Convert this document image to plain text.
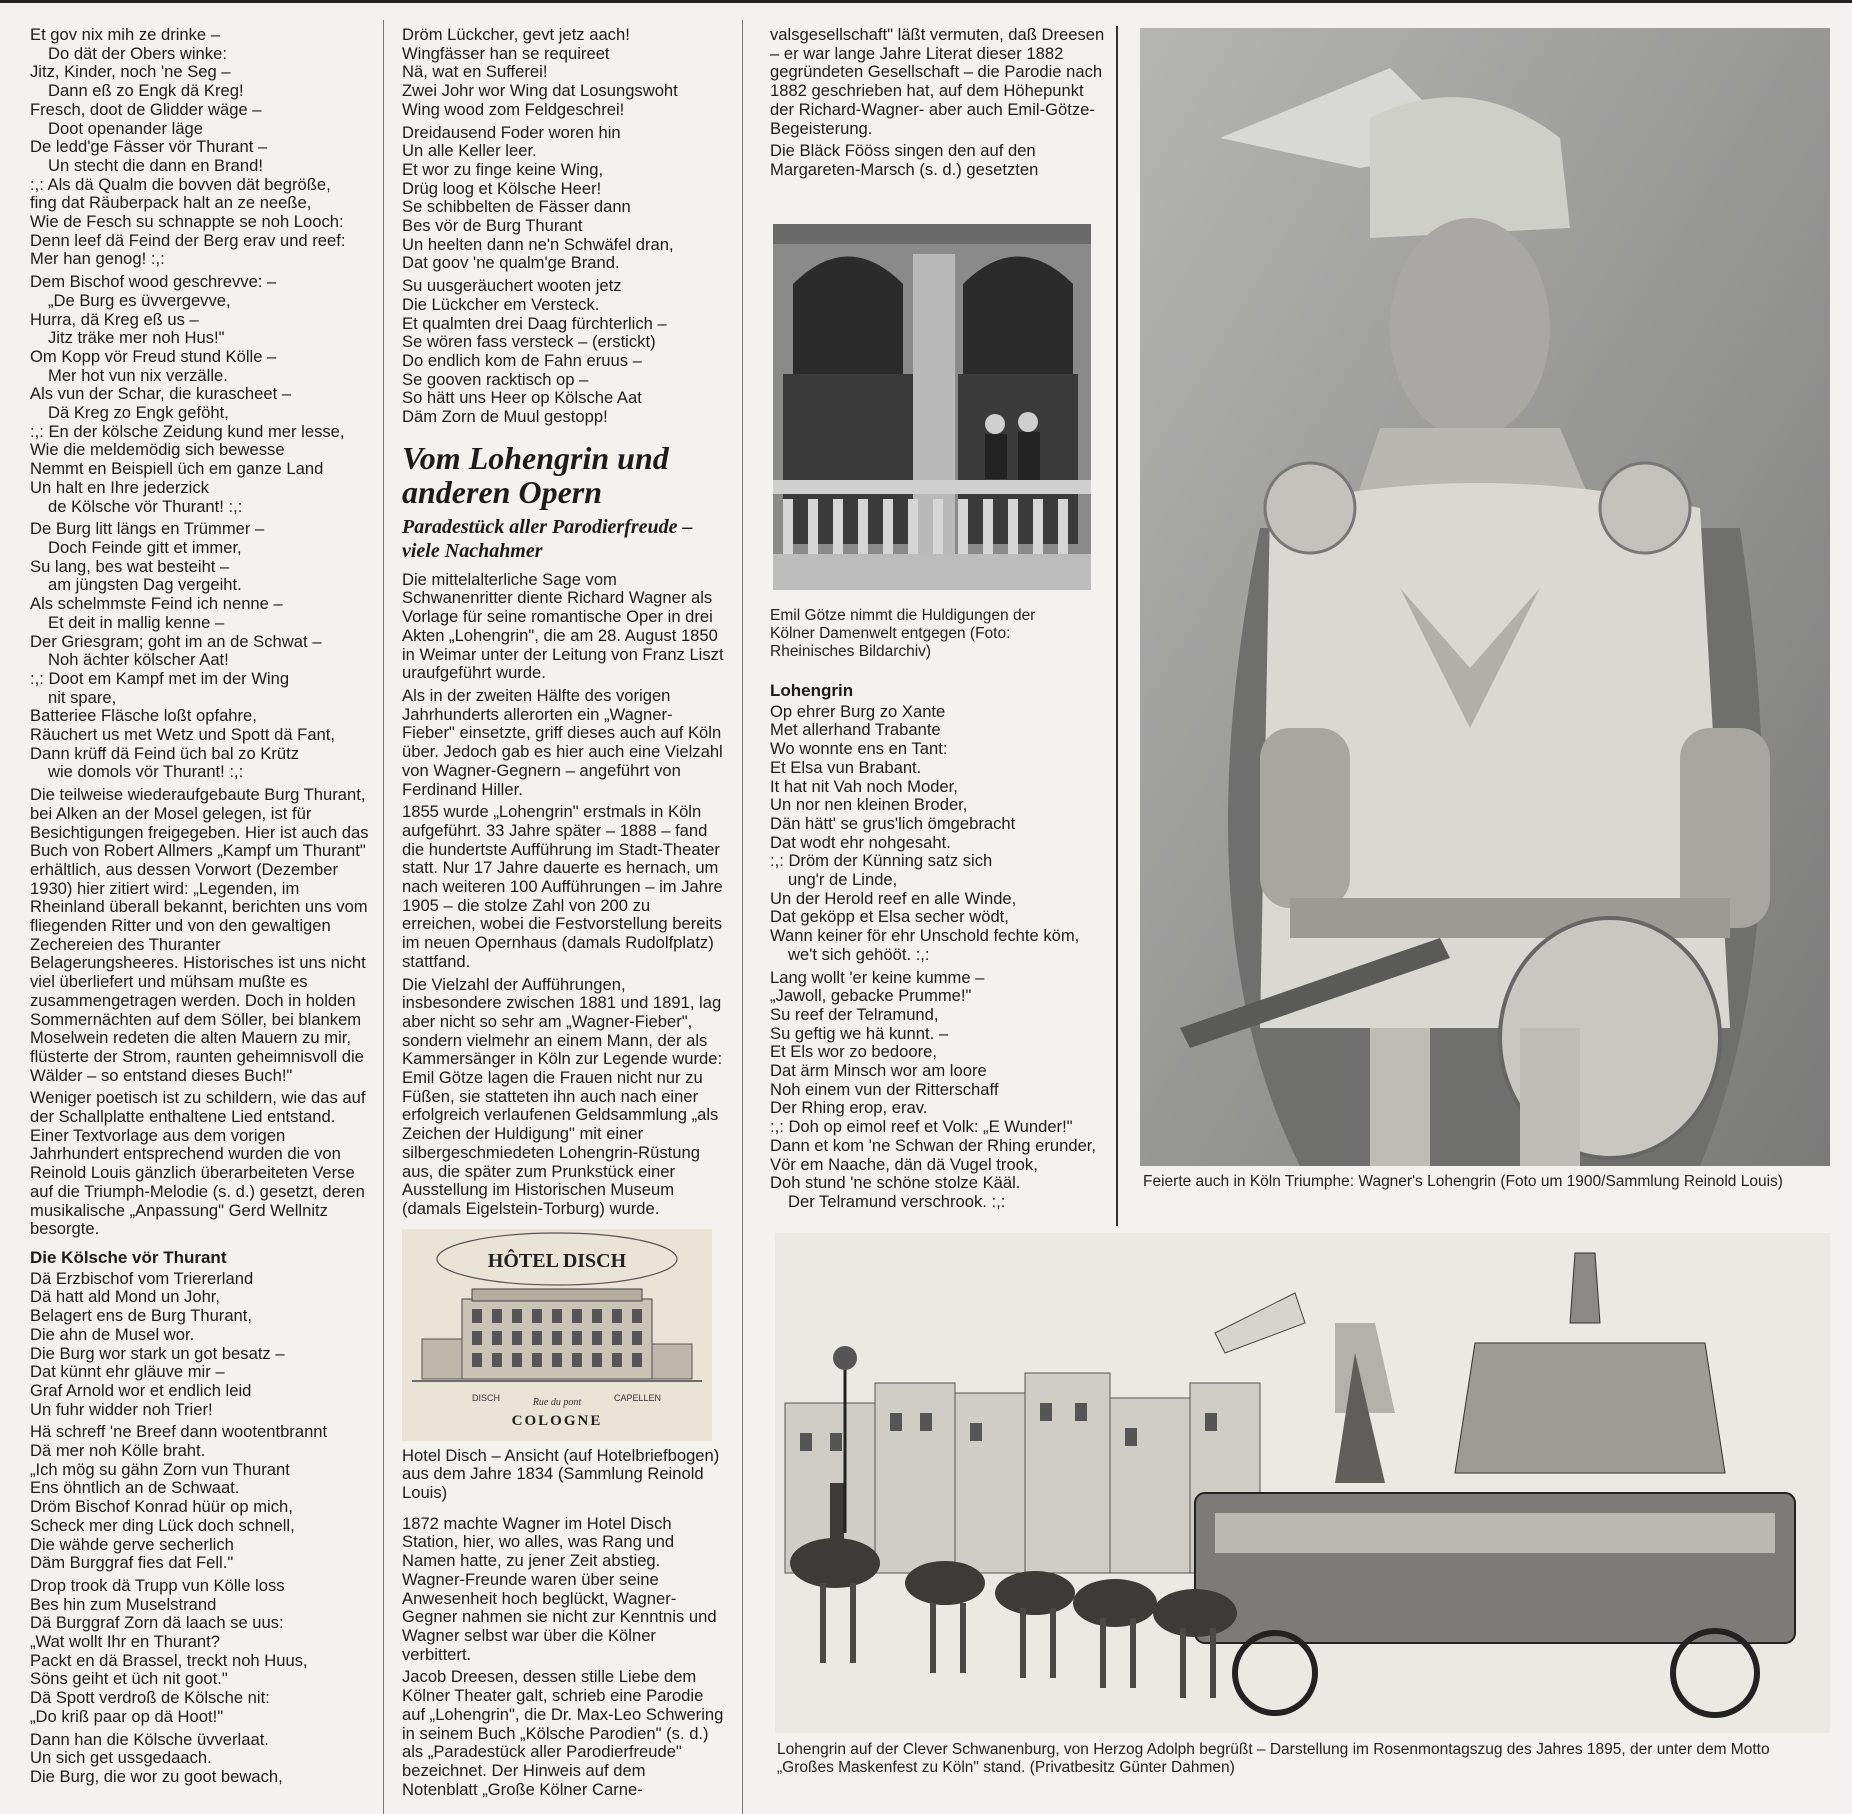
Et gov nix mih ze drinke –
Do dät der Obers winke:
Jitz, Kinder, noch 'ne Seg –
Dann eß zo Engk dä Kreg!
Fresch, doot de Glidder wäge –
Doot openander läge
De ledd'ge Fässer vör Thurant –
Un stecht die dann en Brand!
:,: Als dä Qualm die bovven dät begröße,
fing dat Räuberpack halt an ze neeße,
Wie de Fesch su schnappte se noh Looch:
Denn leef dä Feind der Berg erav und reef:
Mer han genog! :,:
Dem Bischof wood geschrevve: –
„De Burg es üvvergevve,
Hurra, dä Kreg eß us –
Jitz träke mer noh Hus!"
Om Kopp vör Freud stund Kölle –
Mer hot vun nix verzälle.
Als vun der Schar, die kurascheet –
Dä Kreg zo Engk geföht,
:,: En der kölsche Zeidung kund mer lesse,
Wie die meldemödig sich bewesse
Nemmt en Beispiell üch em ganze Land
Un halt en Ihre jederzick
de Kölsche vör Thurant! :,:
De Burg litt längs en Trümmer –
Doch Feinde gitt et immer,
Su lang, bes wat besteiht –
am jüngsten Dag vergeiht.
Als schelmmste Feind ich nenne –
Et deit in mallig kenne –
Der Griesgram; goht im an de Schwat –
Noh ächter kölscher Aat!
:,: Doot em Kampf met im der Wing
nit spare,
Batteriee Fläsche loßt opfahre,
Räuchert us met Wetz und Spott dä Fant,
Dann krüff dä Feind üch bal zo Krütz
wie domols vör Thurant! :,:

Die teilweise wiederaufgebaute Burg Thurant, bei Alken an der Mosel gelegen, ist für Besichtigungen freigegeben. Hier ist auch das Buch von Robert Allmers „Kampf um Thurant" erhältlich, aus dessen Vorwort (Dezember 1930) hier zitiert wird: „Legenden, im Rheinland überall bekannt, berichten uns vom fliegenden Ritter und von den gewaltigen Zechereien des Thuranter Belagerungsheeres. Historisches ist uns nicht viel überliefert und mühsam mußte es zusammengetragen werden. Doch in holden Sommernächten auf dem Söller, bei blankem Moselwein redeten die alten Mauern zu mir, flüsterte der Strom, raunten geheimnisvoll die Wälder – so entstand dieses Buch!"

Weniger poetisch ist zu schildern, wie das auf der Schallplatte enthaltene Lied entstand. Einer Textvorlage aus dem vorigen Jahrhundert entsprechend wurden die von Reinold Louis gänzlich überarbeiteten Verse auf die Triumph-Melodie (s. d.) gesetzt, deren musikalische „Anpassung" Gerd Wellnitz besorgte.

Die Kölsche vör Thurant
Dä Erzbischof vom Triererland
Dä hatt ald Mond un Johr,
Belagert ens de Burg Thurant,
Die ahn de Musel wor.
Die Burg wor stark un got besatz –
Dat künnt ehr gläuve mir –
Graf Arnold wor et endlich leid
Un fuhr widder noh Trier!
Hä schreff 'ne Breef dann wootentbrannt
Dä mer noh Kölle braht.
„Ich mög su gähn Zorn vun Thurant
Ens öhntlich an de Schwaat.
Dröm Bischof Konrad hüür op mich,
Scheck mer ding Lück doch schnell,
Die wähde gerve secherlich
Däm Burggraf fies dat Fell."
Drop trook dä Trupp vun Kölle loss
Bes hin zum Muselstrand
Dä Burggraf Zorn dä laach se uus:
„Wat wollt Ihr en Thurant?
Packt en dä Brassel, treckt noh Huus,
Söns geiht et üch nit goot."
Dä Spott verdroß de Kölsche nit:
„Do kriß paar op dä Hoot!"
Dann han die Kölsche üvverlaat.
Un sich get ussgedaach.
Die Burg, die wor zu goot bewach,
Dröm Lückcher, gevt jetz aach!
Wingfässer han se requireet
Nä, wat en Sufferei!
Zwei Johr wor Wing dat Losungswoht
Wing wood zom Feldgeschrei!
Dreidausend Foder woren hin
Un alle Keller leer.
Et wor zu finge keine Wing,
Drüg loog et Kölsche Heer!
Se schibbelten de Fässer dann
Bes vör de Burg Thurant
Un heelten dann ne'n Schwäfel dran,
Dat goov 'ne qualm'ge Brand.
Su uusgeräuchert wooten jetz
Die Lückcher em Versteck.
Et qualmten drei Daag fürchterlich –
Se wören fass versteck – (erstickt)
Do endlich kom de Fahn eruus –
Se gooven racktisch op –
So hätt uns Heer op Kölsche Aat
Däm Zorn de Muul gestopp!
Vom Lohengrin und anderen Opern
Paradestück aller Parodierfreude – viele Nachahmer

Die mittelalterliche Sage vom Schwanenritter diente Richard Wagner als Vorlage für seine romantische Oper in drei Akten „Lohengrin", die am 28. August 1850 in Weimar unter der Leitung von Franz Liszt uraufgeführt wurde.

Als in der zweiten Hälfte des vorigen Jahrhunderts allerorten ein „Wagner-Fieber" einsetzte, griff dieses auch auf Köln über. Jedoch gab es hier auch eine Vielzahl von Wagner-Gegnern – angeführt von Ferdinand Hiller.

1855 wurde „Lohengrin" erstmals in Köln aufgeführt. 33 Jahre später – 1888 – fand die hundertste Aufführung im Stadt-Theater statt. Nur 17 Jahre dauerte es hernach, um nach weiteren 100 Aufführungen – im Jahre 1905 – die stolze Zahl von 200 zu erreichen, wobei die Festvorstellung bereits im neuen Opernhaus (damals Rudolfplatz) stattfand.

Die Vielzahl der Aufführungen, insbesondere zwischen 1881 und 1891, lag aber nicht so sehr am „Wagner-Fieber", sondern vielmehr an einem Mann, der als Kammersänger in Köln zur Legende wurde: Emil Götze lagen die Frauen nicht nur zu Füßen, sie statteten ihn auch nach einer erfolgreich verlaufenen Geldsammlung „als Zeichen der Huldigung" mit einer silbergeschmiedeten Lohengrin-Rüstung aus, die später zum Prunkstück einer Ausstellung im Historischen Museum (damals Eigelstein-Torburg) wurde.

HÔTEL DISCH
DISCH	Rue du pont	CAPELLEN
COLOGNE

Hotel Disch – Ansicht (auf Hotelbriefbogen) aus dem Jahre 1834 (Sammlung Reinold Louis)

1872 machte Wagner im Hotel Disch Station, hier, wo alles, was Rang und Namen hatte, zu jener Zeit abstieg. Wagner-Freunde waren über seine Anwesenheit hoch beglückt, Wagner-Gegner nahmen sie nicht zur Kenntnis und Wagner selbst war über die Kölner verbittert.

Jacob Dreesen, dessen stille Liebe dem Kölner Theater galt, schrieb eine Parodie auf „Lohengrin", die Dr. Max-Leo Schwering in seinem Buch „Kölsche Parodien" (s. d.) als „Paradestück aller Parodierfreude" bezeichnet. Der Hinweis auf dem Notenblatt „Große Kölner Carne-

valsgesellschaft" läßt vermuten, daß Dreesen – er war lange Jahre Literat dieser 1882 gegründeten Gesellschaft – die Parodie nach 1882 geschrieben hat, auf dem Höhepunkt der Richard-Wagner- aber auch Emil-Götze-Begeisterung.

Die Bläck Fööss singen den auf den Margareten-Marsch (s. d.) gesetzten

Emil Götze nimmt die Huldigungen der Kölner Damenwelt entgegen (Foto: Rheinisches Bildarchiv)
Lohengrin
Op ehrer Burg zo Xante
Met allerhand Trabante
Wo wonnte ens en Tant:
Et Elsa vun Brabant.
It hat nit Vah noch Moder,
Un nor nen kleinen Broder,
Dän hätt' se grus'lich ömgebracht
Dat wodt ehr nohgesaht.
:,: Dröm der Künning satz sich
ung'r de Linde,
Un der Herold reef en alle Winde,
Dat geköpp et Elsa secher wödt,
Wann keiner för ehr Unschold fechte köm,
we't sich gehööt. :,:
Lang wollt 'er keine kumme –
„Jawoll, gebacke Prumme!"
Su reef der Telramund,
Su geftig we hä kunnt. –
Et Els wor zo bedoore,
Dat ärm Minsch wor am loore
Noh einem vun der Ritterschaff
Der Rhing erop, erav.
:,: Doh op eimol reef et Volk: „E Wunder!"
Dann et kom 'ne Schwan der Rhing erunder,
Vör em Naache, dän dä Vugel trook,
Doh stund 'ne schöne stolze Kääl.
Der Telramund verschrook. :,:
Feierte auch in Köln Triumphe: Wagner's Lohengrin (Foto um 1900/Sammlung Reinold Louis)
Lohengrin auf der Clever Schwanenburg, von Herzog Adolph begrüßt – Darstellung im Rosenmontagszug des Jahres 1895, der unter dem Motto „Großes Maskenfest zu Köln" stand. (Privatbesitz Günter Dahmen)
